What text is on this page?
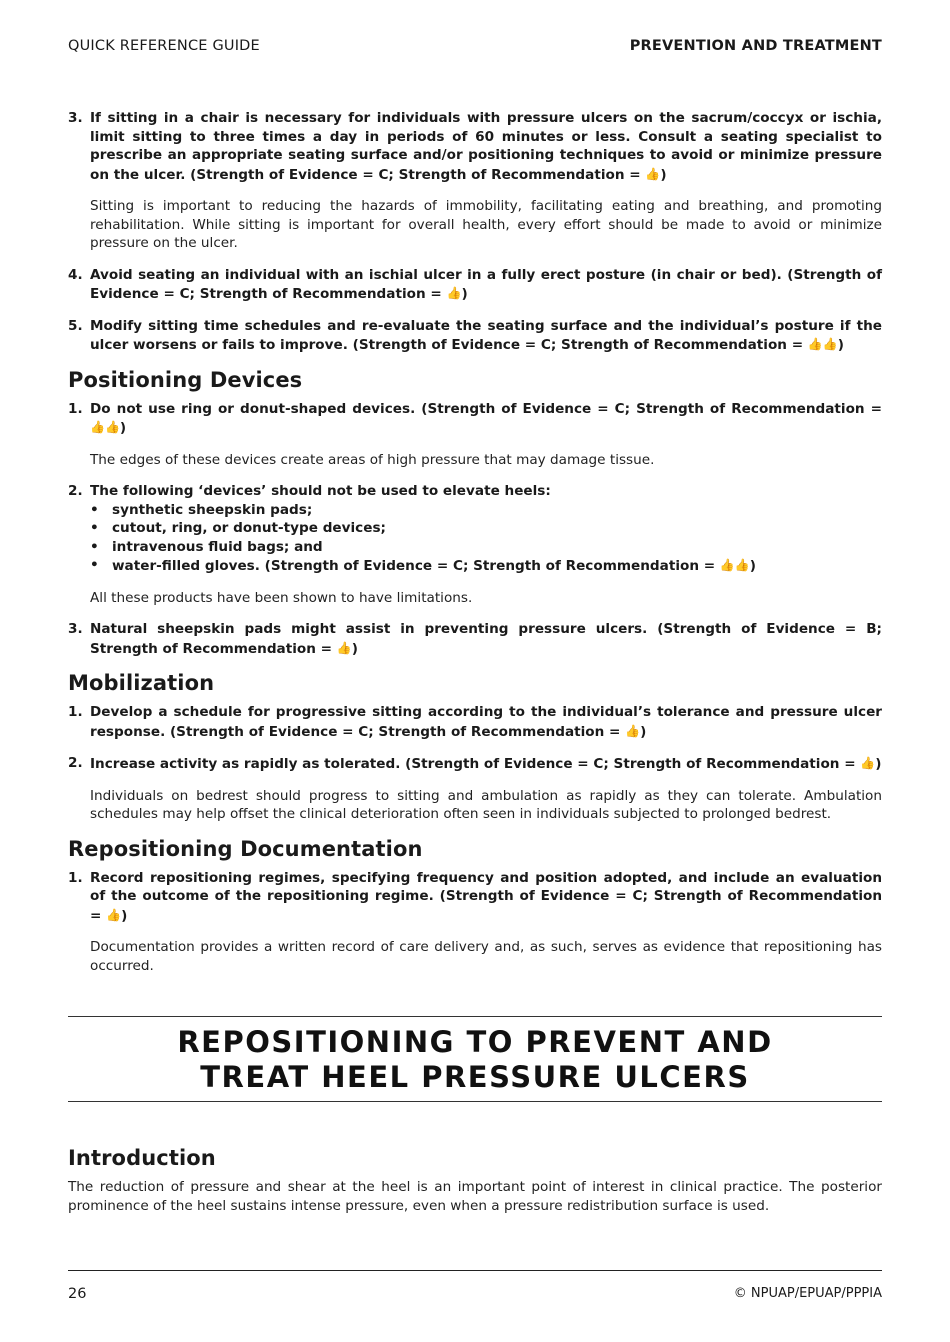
QUICK REFERENCE GUIDE	PREVENTION AND TREATMENT
3. If sitting in a chair is necessary for individuals with pressure ulcers on the sacrum/coccyx or ischia, limit sitting to three times a day in periods of 60 minutes or less. Consult a seating specialist to prescribe an appropriate seating surface and/or positioning techniques to avoid or minimize pressure on the ulcer. (Strength of Evidence = C; Strength of Recommendation = 👍)

Sitting is important to reducing the hazards of immobility, facilitating eating and breathing, and promoting rehabilitation. While sitting is important for overall health, every effort should be made to avoid or minimize pressure on the ulcer.

4. Avoid seating an individual with an ischial ulcer in a fully erect posture (in chair or bed). (Strength of Evidence = C; Strength of Recommendation = 👍)
5. Modify sitting time schedules and re-evaluate the seating surface and the individual’s posture if the ulcer worsens or fails to improve. (Strength of Evidence = C; Strength of Recommendation = 👍👍)
Positioning Devices
1. Do not use ring or donut-shaped devices. (Strength of Evidence = C; Strength of Recommendation = 👍👍)

The edges of these devices create areas of high pressure that may damage tissue.

2. The following ‘devices’ should not be used to elevate heels:
• synthetic sheepskin pads;
• cutout, ring, or donut-type devices;
• intravenous fluid bags; and
• water-filled gloves. (Strength of Evidence = C; Strength of Recommendation = 👍👍)

All these products have been shown to have limitations.

3. Natural sheepskin pads might assist in preventing pressure ulcers. (Strength of Evidence = B; Strength of Recommendation = 👍)
Mobilization
1. Develop a schedule for progressive sitting according to the individual’s tolerance and pressure ulcer response. (Strength of Evidence = C; Strength of Recommendation = 👍)
2. Increase activity as rapidly as tolerated. (Strength of Evidence = C; Strength of Recommendation = 👍)

Individuals on bedrest should progress to sitting and ambulation as rapidly as they can tolerate. Ambulation schedules may help offset the clinical deterioration often seen in individuals subjected to prolonged bedrest.

Repositioning Documentation
1. Record repositioning regimes, specifying frequency and position adopted, and include an evaluation of the outcome of the repositioning regime. (Strength of Evidence = C; Strength of Recommendation = 👍)

Documentation provides a written record of care delivery and, as such, serves as evidence that repositioning has occurred.

REPOSITIONING TO PREVENT AND
TREAT HEEL PRESSURE ULCERS
Introduction

The reduction of pressure and shear at the heel is an important point of interest in clinical practice. The posterior prominence of the heel sustains intense pressure, even when a pressure redistribution surface is used.

26	© NPUAP/EPUAP/PPPIA
